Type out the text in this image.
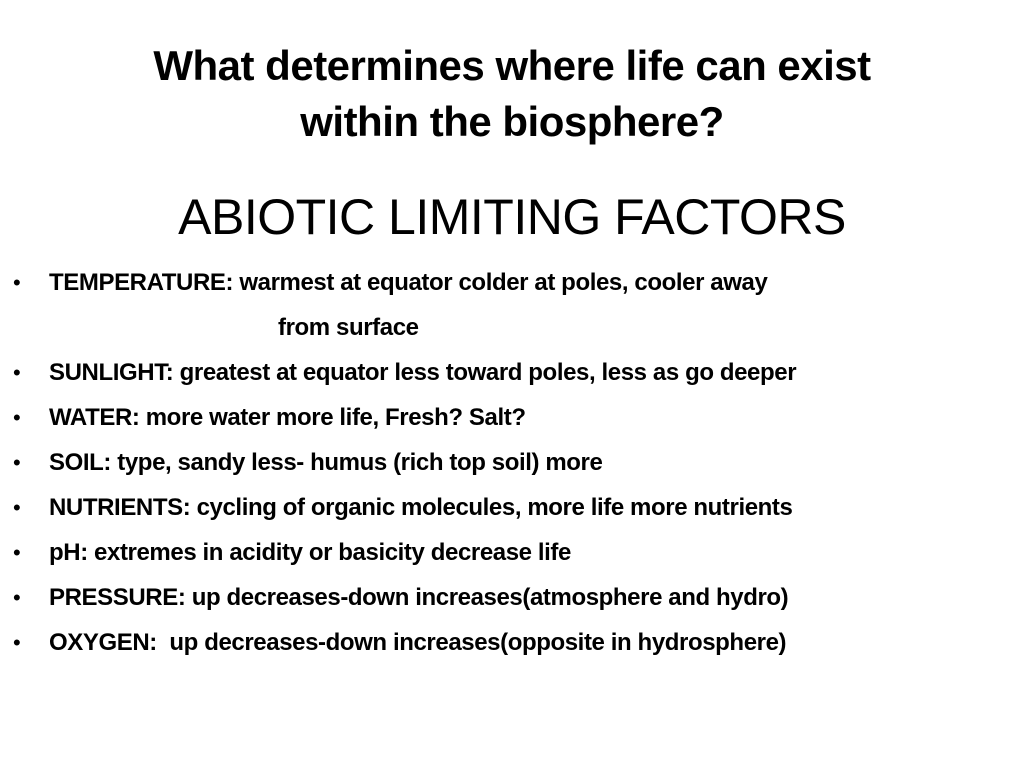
What determines where life can exist
within the biosphere?
ABIOTIC LIMITING FACTORS
• TEMPERATURE: warmest at equator colder at poles, cooler away
from surface
• SUNLIGHT: greatest at equator less toward poles, less as go deeper
• WATER: more water more life, Fresh? Salt?
• SOIL: type, sandy less- humus (rich top soil) more
• NUTRIENTS: cycling of organic molecules, more life more nutrients
• pH: extremes in acidity or basicity decrease life
• PRESSURE: up decreases-down increases(atmosphere and hydro)
• OXYGEN:  up decreases-down increases(opposite in hydrosphere)
